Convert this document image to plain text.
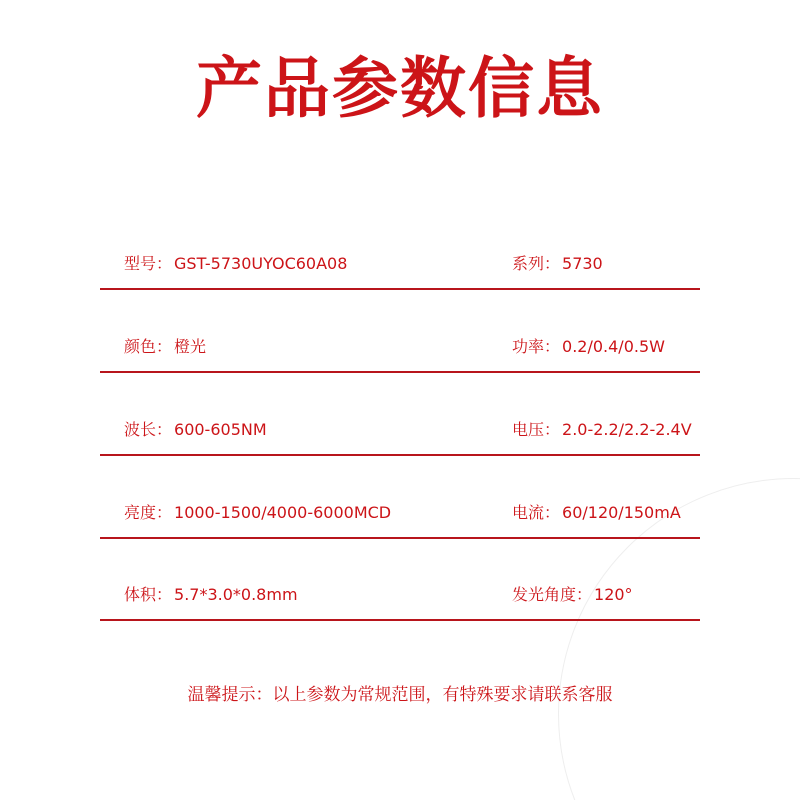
产品参数信息
型号： GST-5730UYOC60A08	系列： 5730
颜色： 橙光	功率： 0.2/0.4/0.5W
波长： 600-605NM	电压： 2.0-2.2/2.2-2.4V
亮度： 1000-1500/4000-6000MCD	电流： 60/120/150mA
体积： 5.7*3.0*0.8mm	发光角度： 120°
温馨提示：以上参数为常规范围，有特殊要求请联系客服
